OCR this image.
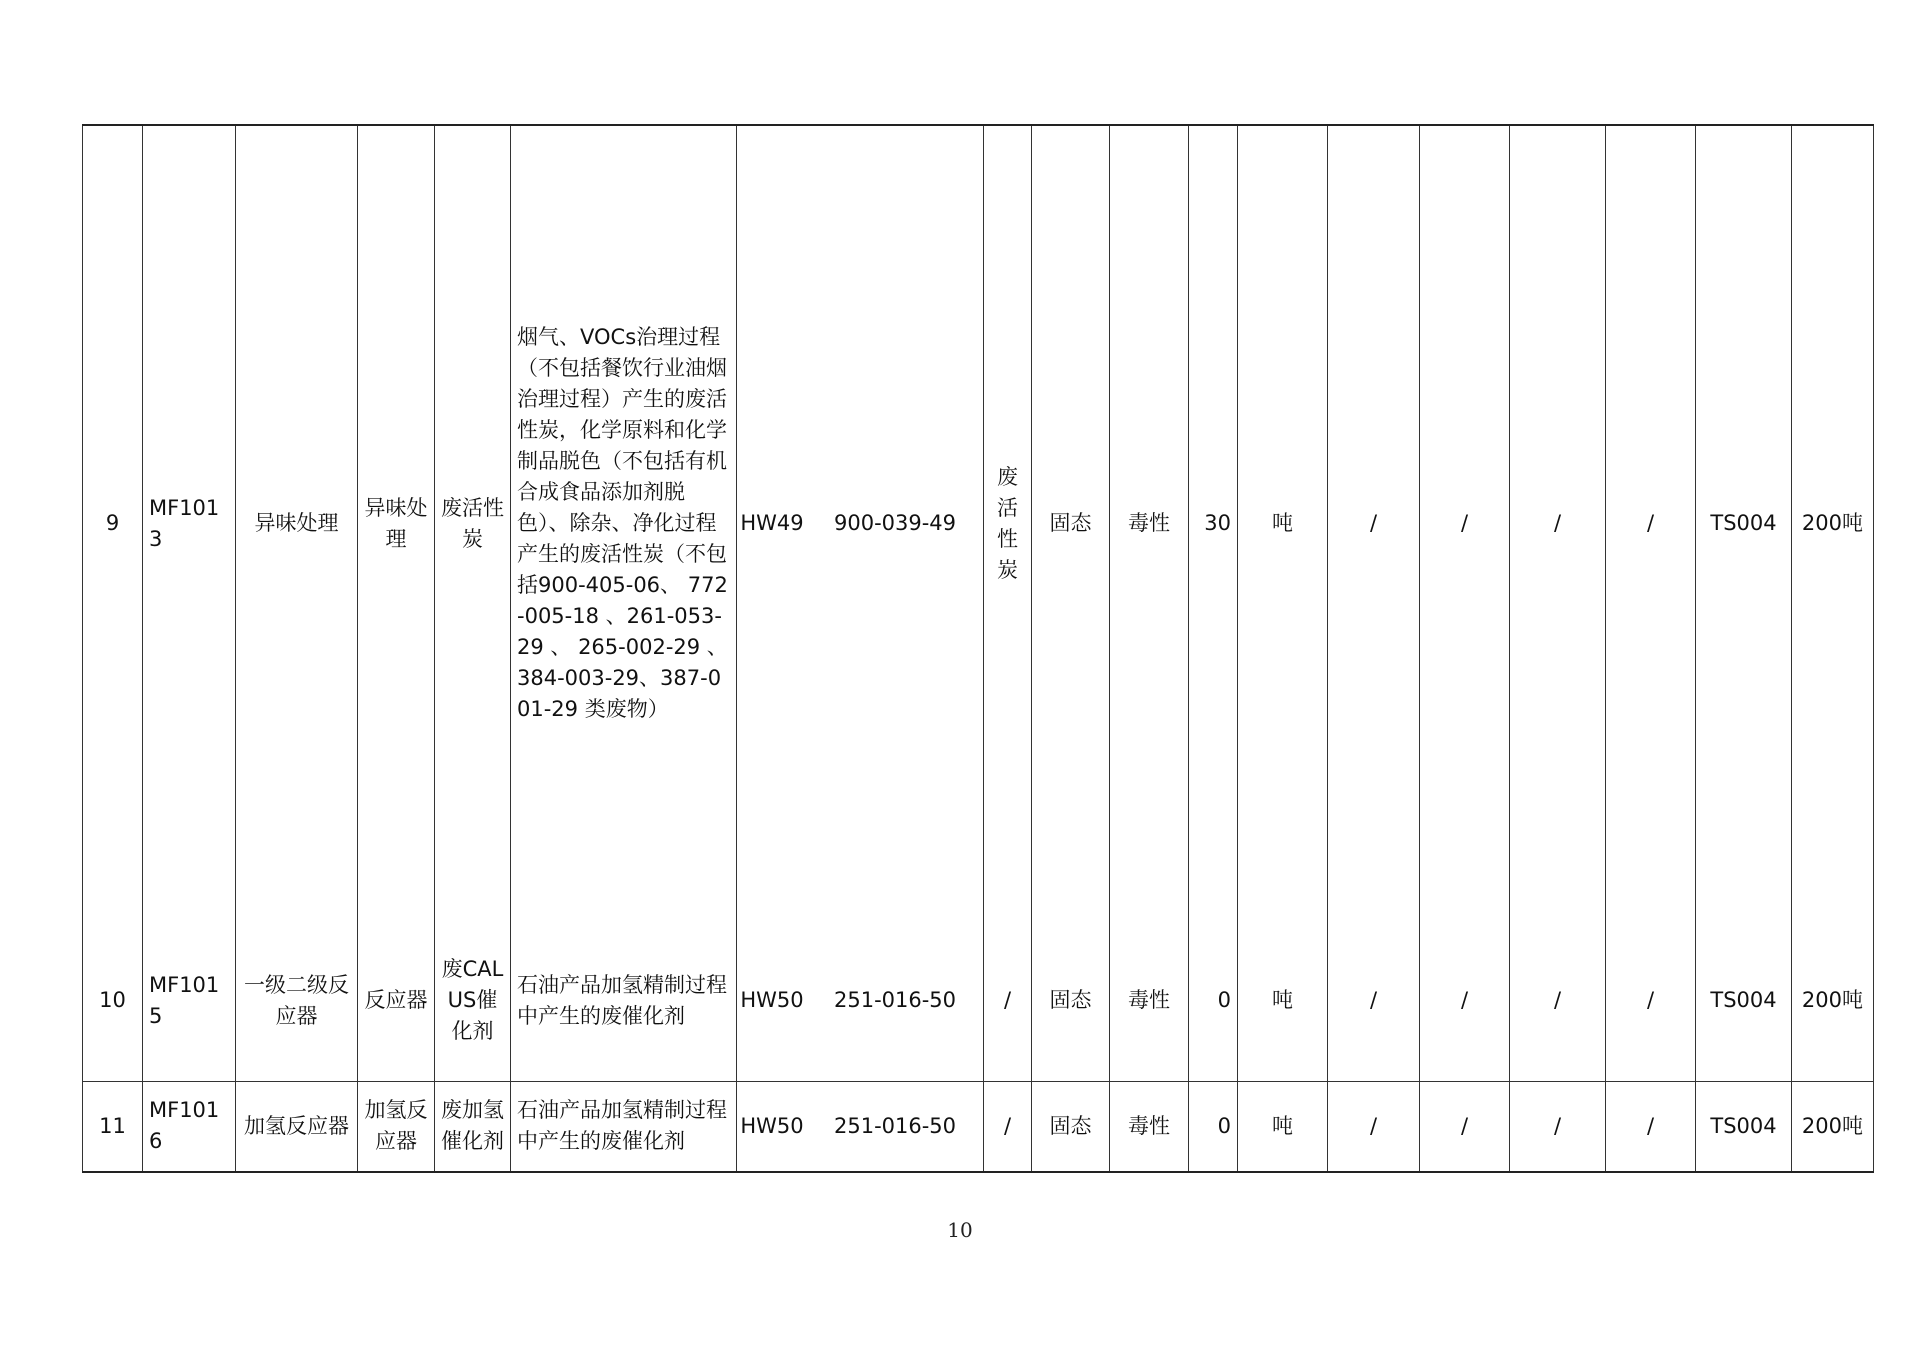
9	MF1013	异味处理	异味处理	废活性炭	烟气、VOCs治理过程（不包括餐饮行业油烟治理过程）产生的废活性炭，化学原料和化学制品脱色（不包括有机合成食品添加剂脱色）、除杂、净化过程产生的废活性炭（不包括900-405-06、 772-005-18 、261-053-29 、 265-002-29 、384-003-29、387-001-29 类废物）	HW49 900-039-49	废活性炭	固态	毒性	30	吨	/	/	/	/	TS004	200吨
10	MF1015	一级二级反应器	反应器	废CALUS催化剂	石油产品加氢精制过程中产生的废催化剂	HW50 251-016-50	/	固态	毒性	0	吨	/	/	/	/	TS004	200吨
11	MF1016	加氢反应器	加氢反应器	废加氢催化剂	石油产品加氢精制过程中产生的废催化剂	HW50 251-016-50	/	固态	毒性	0	吨	/	/	/	/	TS004	200吨
10
